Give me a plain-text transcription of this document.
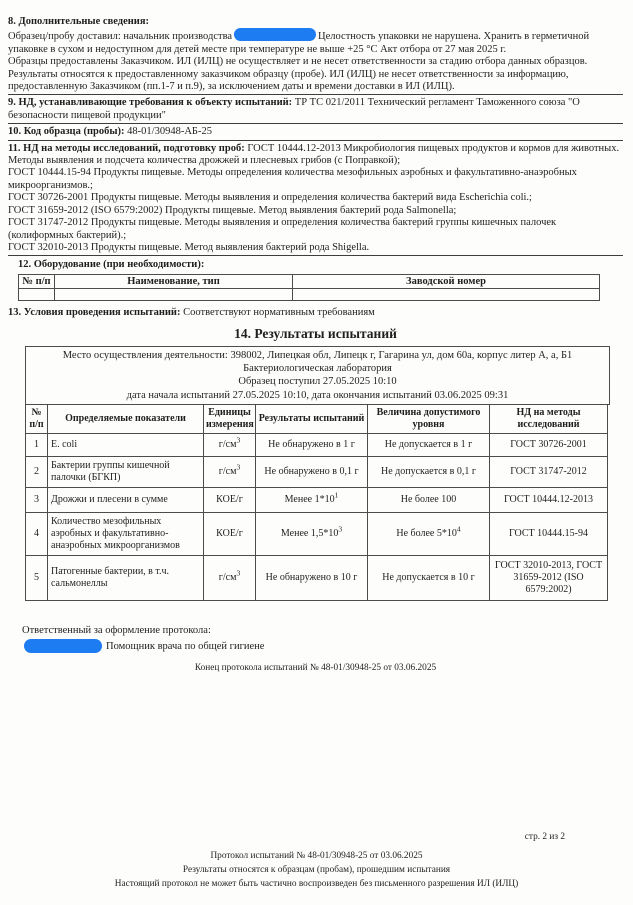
8. Дополнительные сведения:
Образец/пробу доставил: начальник производства	Целостность упаковки не нарушена. Хранить в герметичной упаковке в сухом и недоступном для детей месте при температуре не выше +25 °С Акт отбора от 27 мая 2025 г.
Образцы предоставлены Заказчиком. ИЛ (ИЛЦ) не осуществляет и не несет ответственности за стадию отбора данных образцов. Результаты относятся к предоставленному заказчиком образцу (пробе). ИЛ (ИЛЦ) не несет ответственности за информацию, предоставленную Заказчиком (пп.1-7 и п.9), за исключением даты и времени доставки в ИЛ (ИЛЦ).
9. НД, устанавливающие требования к объекту испытаний: ТР ТС 021/2011 Технический регламент Таможенного союза "О безопасности пищевой продукции"
10. Код образца (пробы): 48-01/30948-АБ-25
11. НД на методы исследований, подготовку проб: ГОСТ 10444.12-2013 Микробиология пищевых продуктов и кормов для животных. Методы выявления и подсчета количества дрожжей и плесневых грибов (с Поправкой);
ГОСТ 10444.15-94 Продукты пищевые. Методы определения количества мезофильных аэробных и факультативно-анаэробных микроорганизмов.;
ГОСТ 30726-2001 Продукты пищевые. Методы выявления и определения количества бактерий вида Escherichia coli.;
ГОСТ 31659-2012 (ISO 6579:2002) Продукты пищевые. Метод выявления бактерий рода Salmonella;
ГОСТ 31747-2012 Продукты пищевые. Методы выявления и определения количества бактерий группы кишечных палочек (колиформных бактерий).;
ГОСТ 32010-2013 Продукты пищевые. Метод выявления бактерий рода Shigella.
12. Оборудование (при необходимости):
№ п/п	Наименование, тип	Заводской номер

13. Условия проведения испытаний: Соответствуют нормативным требованиям
14. Результаты испытаний
Место осуществления деятельности: 398002, Липецкая обл, Липецк г, Гагарина ул, дом 60а, корпус литер А, а, Б1
Бактериологическая лаборатория
Образец поступил 27.05.2025 10:10
дата начала испытаний 27.05.2025 10:10, дата окончания испытаний 03.06.2025 09:31
№ п/п	Определяемые показатели	Единицы измерения	Результаты испытаний	Величина допустимого уровня	НД на методы исследований
1	E. coli	$г/см^3$	Не обнаружено в 1 г	Не допускается в 1 г	ГОСТ 30726-2001
2	Бактерии группы кишечной палочки (БГКП)	$г/см^3$	Не обнаружено в 0,1 г	Не допускается в 0,1 г	ГОСТ 31747-2012
3	Дрожжи и плесени в сумме	КОЕ/г	Менее $1*10^1$	Не более 100	ГОСТ 10444.12-2013
4	Количество мезофильных аэробных и факультативно-анаэробных микроорганизмов	КОЕ/г	Менее $1,5*10^3$	Не более $5*10^4$	ГОСТ 10444.15-94
5	Патогенные бактерии, в т.ч. сальмонеллы	$г/см^3$	Не обнаружено в 10 г	Не допускается в 10 г	ГОСТ 32010-2013, ГОСТ 31659-2012 (ISO 6579:2002)
Ответственный за оформление протокола:
Помощник врача по общей гигиене
Конец протокола испытаний № 48-01/30948-25 от 03.06.2025
стр. 2 из 2
Протокол испытаний № 48-01/30948-25 от 03.06.2025
Результаты относятся к образцам (пробам), прошедшим испытания
Настоящий протокол не может быть частично воспроизведен без письменного разрешения ИЛ (ИЛЦ)
